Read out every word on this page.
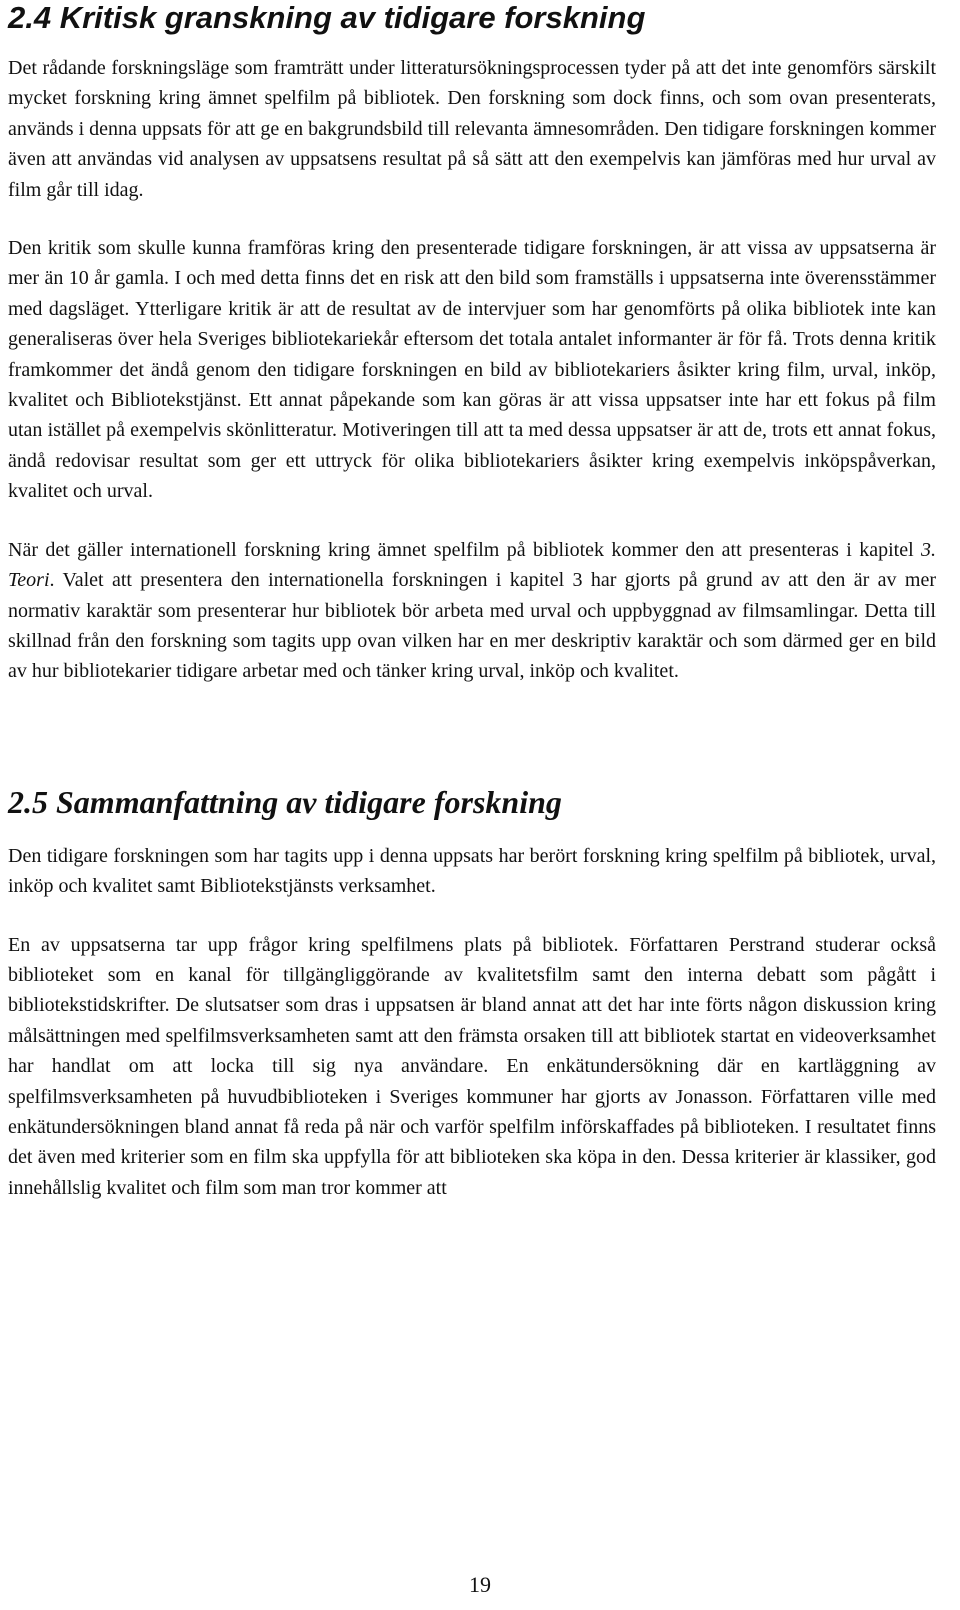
2.4 Kritisk granskning av tidigare forskning

Det rådande forskningsläge som framträtt under litteratursökningsprocessen tyder på att det inte genomförs särskilt mycket forskning kring ämnet spelfilm på bibliotek. Den forskning som dock finns, och som ovan presenterats, används i denna uppsats för att ge en bakgrundsbild till relevanta ämnesområden. Den tidigare forskningen kommer även att användas vid analysen av uppsatsens resultat på så sätt att den exempelvis kan jämföras med hur urval av film går till idag.

Den kritik som skulle kunna framföras kring den presenterade tidigare forskningen, är att vissa av uppsatserna är mer än 10 år gamla. I och med detta finns det en risk att den bild som framställs i uppsatserna inte överensstämmer med dagsläget. Ytterligare kritik är att de resultat av de intervjuer som har genomförts på olika bibliotek inte kan generaliseras över hela Sveriges bibliotekariekår eftersom det totala antalet informanter är för få. Trots denna kritik framkommer det ändå genom den tidigare forskningen en bild av bibliotekariers åsikter kring film, urval, inköp, kvalitet och Bibliotekstjänst. Ett annat påpekande som kan göras är att vissa uppsatser inte har ett fokus på film utan istället på exempelvis skönlitteratur. Motiveringen till att ta med dessa uppsatser är att de, trots ett annat fokus, ändå redovisar resultat som ger ett uttryck för olika bibliotekariers åsikter kring exempelvis inköpspåverkan, kvalitet och urval.

När det gäller internationell forskning kring ämnet spelfilm på bibliotek kommer den att presenteras i kapitel 3. Teori. Valet att presentera den internationella forskningen i kapitel 3 har gjorts på grund av att den är av mer normativ karaktär som presenterar hur bibliotek bör arbeta med urval och uppbyggnad av filmsamlingar. Detta till skillnad från den forskning som tagits upp ovan vilken har en mer deskriptiv karaktär och som därmed ger en bild av hur bibliotekarier tidigare arbetar med och tänker kring urval, inköp och kvalitet.

2.5 Sammanfattning av tidigare forskning

Den tidigare forskningen som har tagits upp i denna uppsats har berört forskning kring spelfilm på bibliotek, urval, inköp och kvalitet samt Bibliotekstjänsts verksamhet.

En av uppsatserna tar upp frågor kring spelfilmens plats på bibliotek. Författaren Perstrand studerar också biblioteket som en kanal för tillgängliggörande av kvalitetsfilm samt den interna debatt som pågått i bibliotekstidskrifter. De slutsatser som dras i uppsatsen är bland annat att det har inte förts någon diskussion kring målsättningen med spelfilmsverksamheten samt att den främsta orsaken till att bibliotek startat en videoverksamhet har handlat om att locka till sig nya användare. En enkätundersökning där en kartläggning av spelfilmsverksamheten på huvudbiblioteken i Sveriges kommuner har gjorts av Jonasson. Författaren ville med enkätundersökningen bland annat få reda på när och varför spelfilm införskaffades på biblioteken. I resultatet finns det även med kriterier som en film ska uppfylla för att biblioteken ska köpa in den. Dessa kriterier är klassiker, god innehållslig kvalitet och film som man tror kommer att

19
